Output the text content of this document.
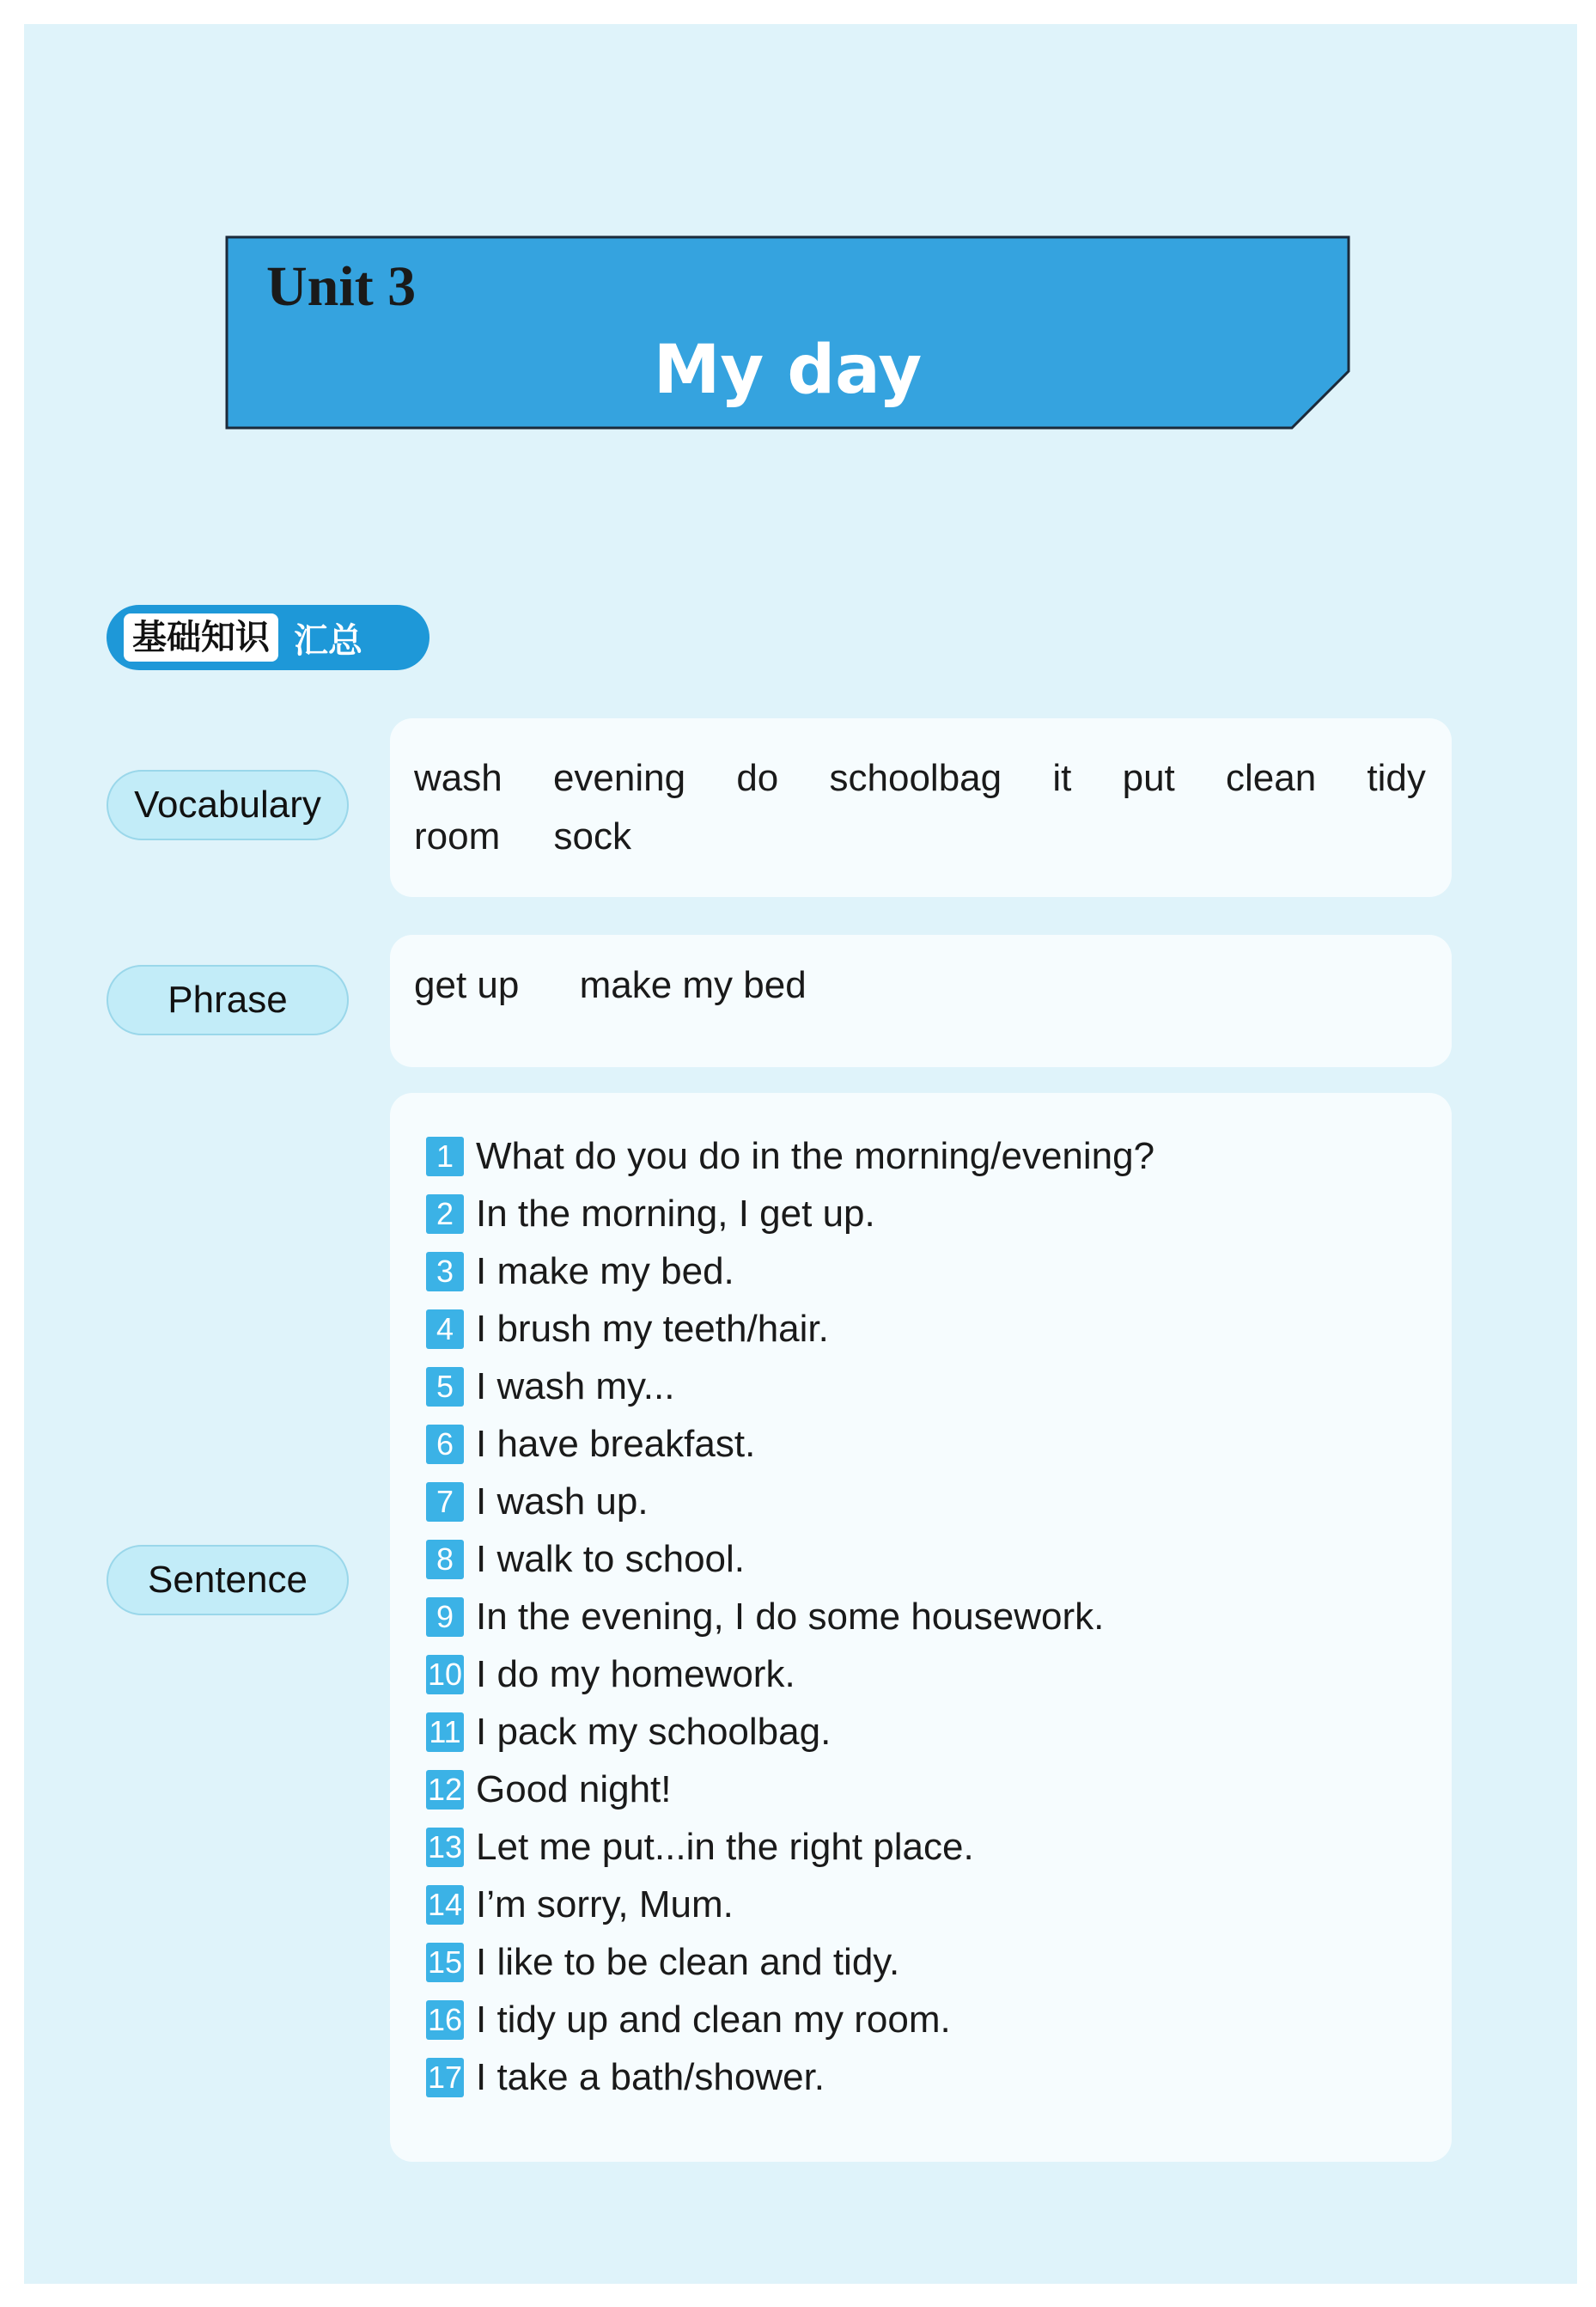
Unit 3
My day
基础知识 汇总
Vocabulary
wash evening do schoolbag it put clean tidy
room sock
Phrase	get up make my bed
Sentence
1 What do you do in the morning/evening?
2 In the morning, I get up.
3 I make my bed.
4 I brush my teeth/hair.
5 I wash my...
6 I have breakfast.
7 I wash up.
8 I walk to school.
9 In the evening, I do some housework.
10 I do my homework.
11 I pack my schoolbag.
12 Good night!
13 Let me put...in the right place.
14 I’m sorry, Mum.
15 I like to be clean and tidy.
16 I tidy up and clean my room.
17 I take a bath/shower.
